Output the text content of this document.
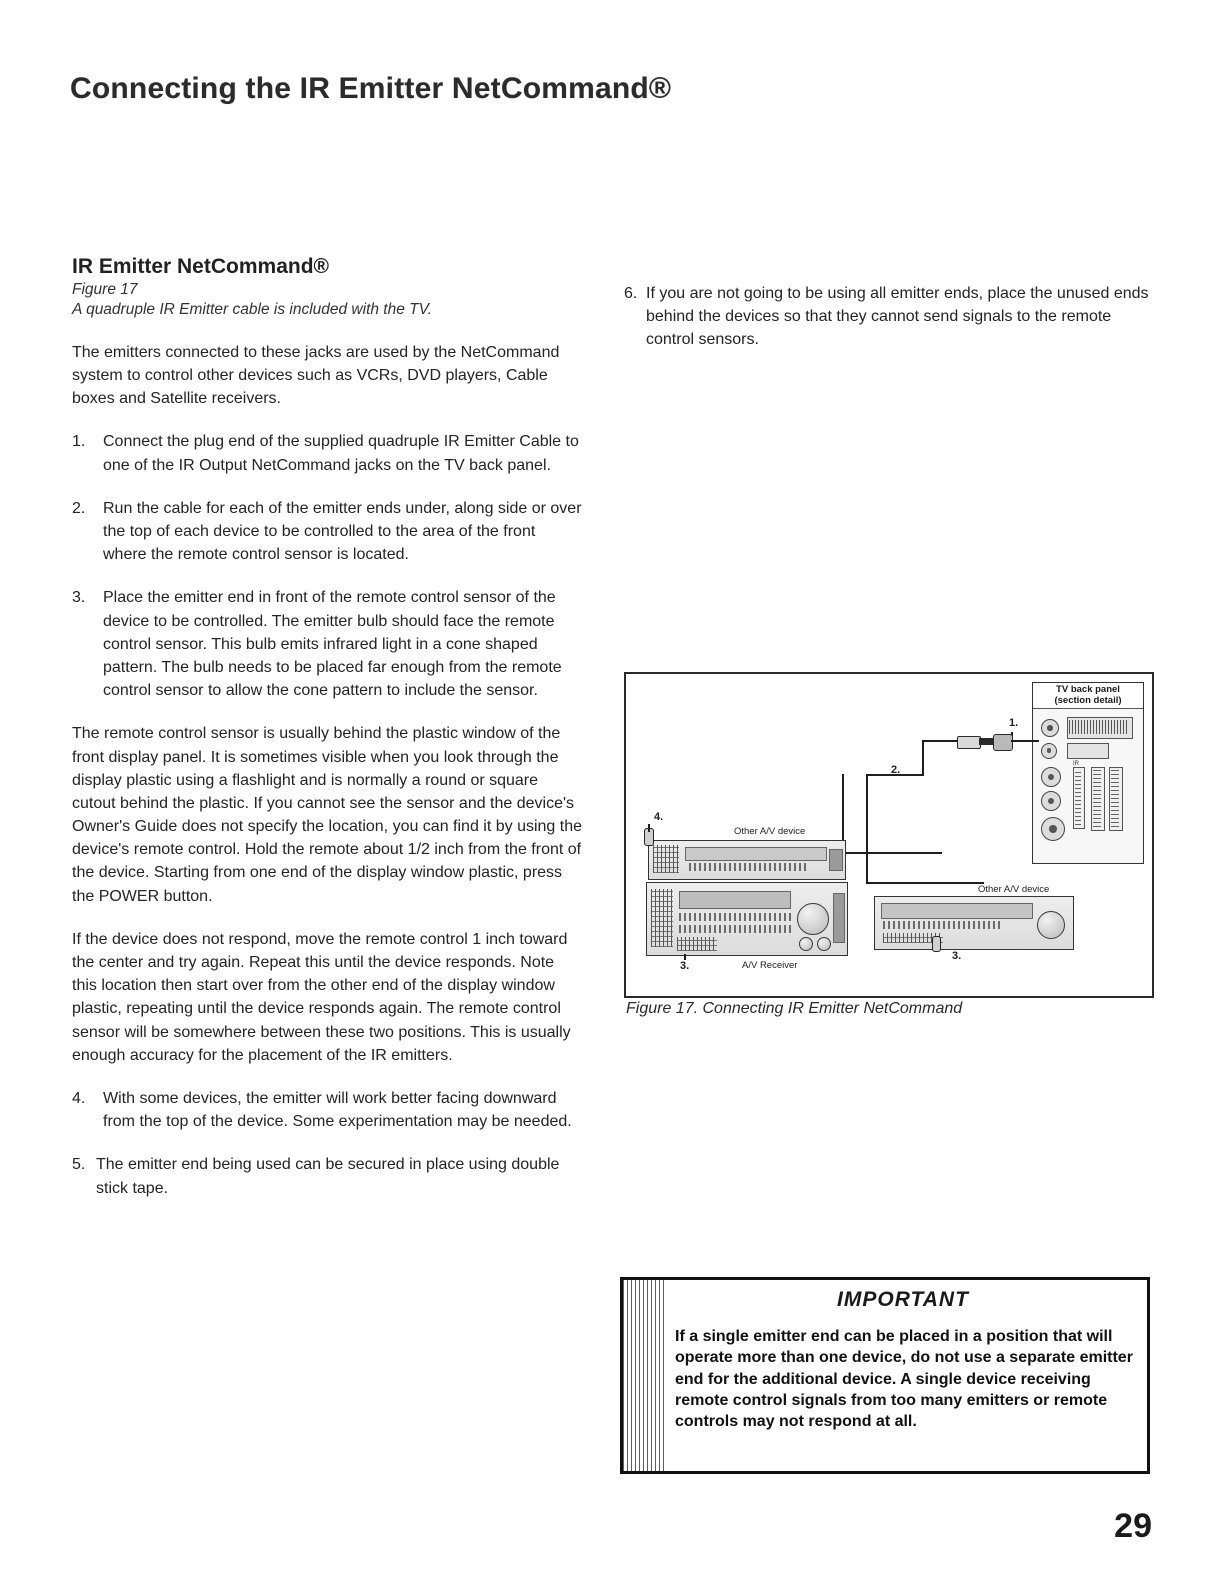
Connecting the IR Emitter NetCommand®
IR Emitter NetCommand®
Figure 17
A quadruple IR Emitter cable is included with the TV.

The emitters connected to these jacks are used by the NetCommand system to control other devices such as VCRs, DVD players, Cable boxes and Satellite receivers.

1.	Connect the plug end of the supplied quadruple IR Emitter Cable to one of the IR Output NetCommand jacks on the TV back panel.
2.	Run the cable for each of the emitter ends under, along side or over the top of each device to be controlled to the area of the front where the remote control sensor is located.
3.	Place the emitter end in front of the remote control sensor of the device to be controlled. The emitter bulb should face the remote control sensor. This bulb emits infrared light in a cone shaped pattern. The bulb needs to be placed far enough from the remote control sensor to allow the cone pattern to include the sensor.

The remote control sensor is usually behind the plastic window of the front display panel. It is sometimes visible when you look through the display plastic using a flashlight and is normally a round or square cutout behind the plastic. If you cannot see the sensor and the device's Owner's Guide does not specify the location, you can find it by using the device's remote control. Hold the remote about 1/2 inch from the front of the device. Starting from one end of the display window plastic, press the POWER button.

If the device does not respond, move the remote control 1 inch toward the center and try again. Repeat this until the device responds. Note this location then start over from the other end of the display window plastic, repeating until the device responds again. The remote control sensor will be somewhere between these two positions. This is usually enough accuracy for the placement of the IR emitters.

4.	With some devices, the emitter will work better facing downward from the top of the device. Some experimentation may be needed.
5. The emitter end being used can be secured in place using double stick tape.
6. If you are not going to be using all emitter ends, place the unused ends behind the devices so that they cannot send signals to the remote control sensors.
TV back panel
(section detail)
IR
1.
2.
Other A/V device
4.
3.	A/V Receiver
Other A/V device
3.
Figure 17. Connecting IR Emitter NetCommand
IMPORTANT
If a single emitter end can be placed in a position that will operate more than one device, do not use a separate emitter end for the additional device. A single device receiving remote control signals from too many emitters or remote controls may not respond at all.
29
